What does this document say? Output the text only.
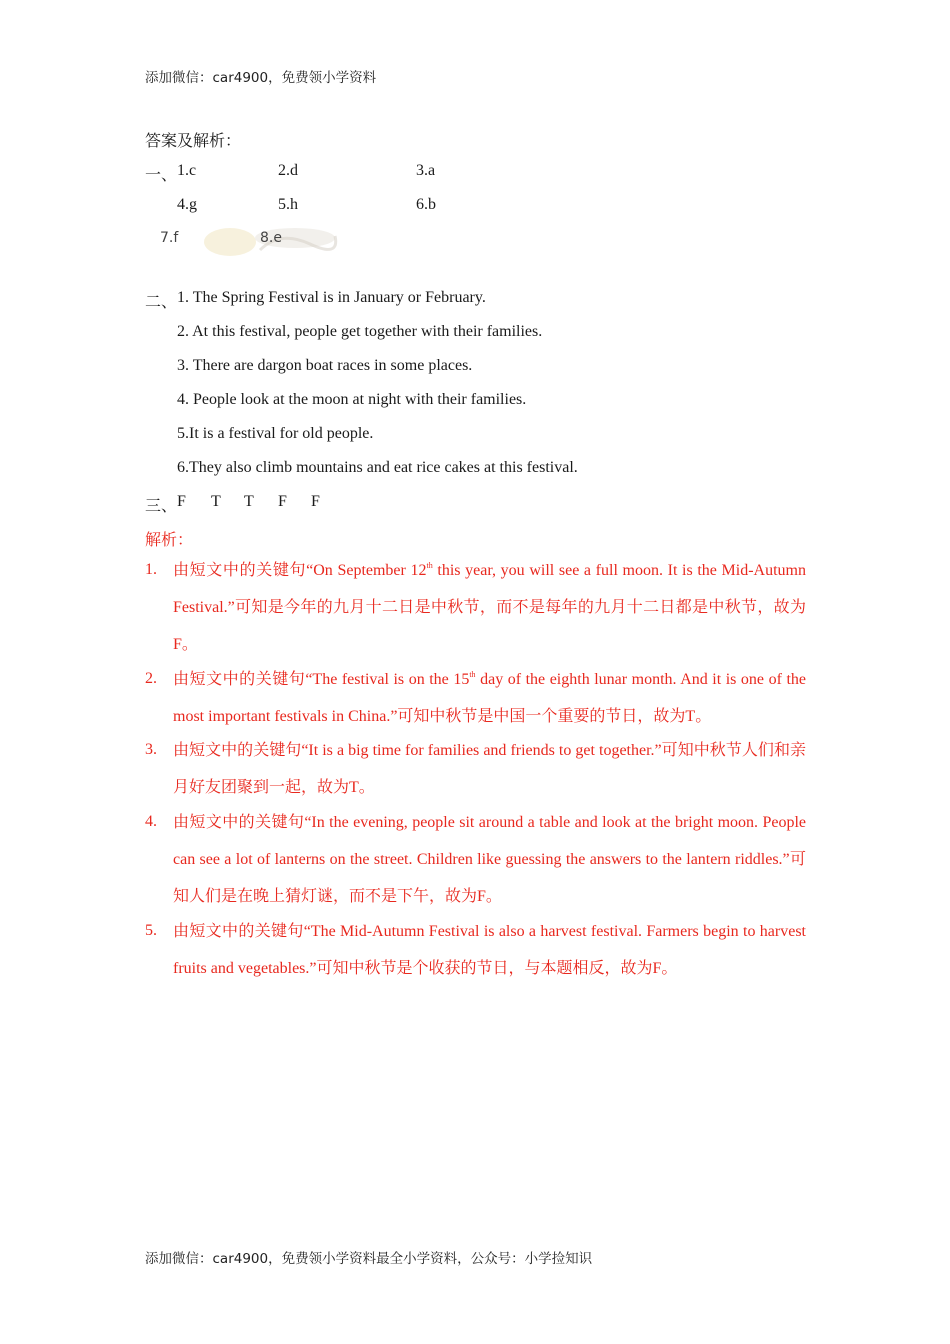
添加微信：car4900，免费领小学资料
答案及解析：
一、 1.c	2.d	3.a
4.g	5.h	6.b
7.f	8.e
二、 1. The Spring Festival is in January or February.
2. At this festival, people get together with their families.
3. There are dargon boat races in some places.
4. People look at the moon at night with their families.
5.It is a festival for old people.
6.They also climb mountains and eat rice cakes at this festival.
三、 F T T F F
解析：
1. 由短文中的关键句“On September 12th this year, you will see a full moon. It is the Mid-Autumn Festival.”可知是今年的九月十二日是中秋节，而不是每年的九月十二日都是中秋节，故为F。
2. 由短文中的关键句“The festival is on the 15th day of the eighth lunar month. And it is one of the most important festivals in China.”可知中秋节是中国一个重要的节日，故为T。
3. 由短文中的关键句“It is a big time for families and friends to get together.”可知中秋节人们和亲月好友团聚到一起，故为T。
4. 由短文中的关键句“In the evening, people sit around a table and look at the bright moon. People can see a lot of lanterns on the street. Children like guessing the answers to the lantern riddles.”可知人们是在晚上猜灯谜，而不是下午，故为F。
5. 由短文中的关键句“The Mid-Autumn Festival is also a harvest festival. Farmers begin to harvest fruits and vegetables.”可知中秋节是个收获的节日，与本题相反，故为F。
添加微信：car4900，免费领小学资料最全小学资料，公众号：小学捡知识
